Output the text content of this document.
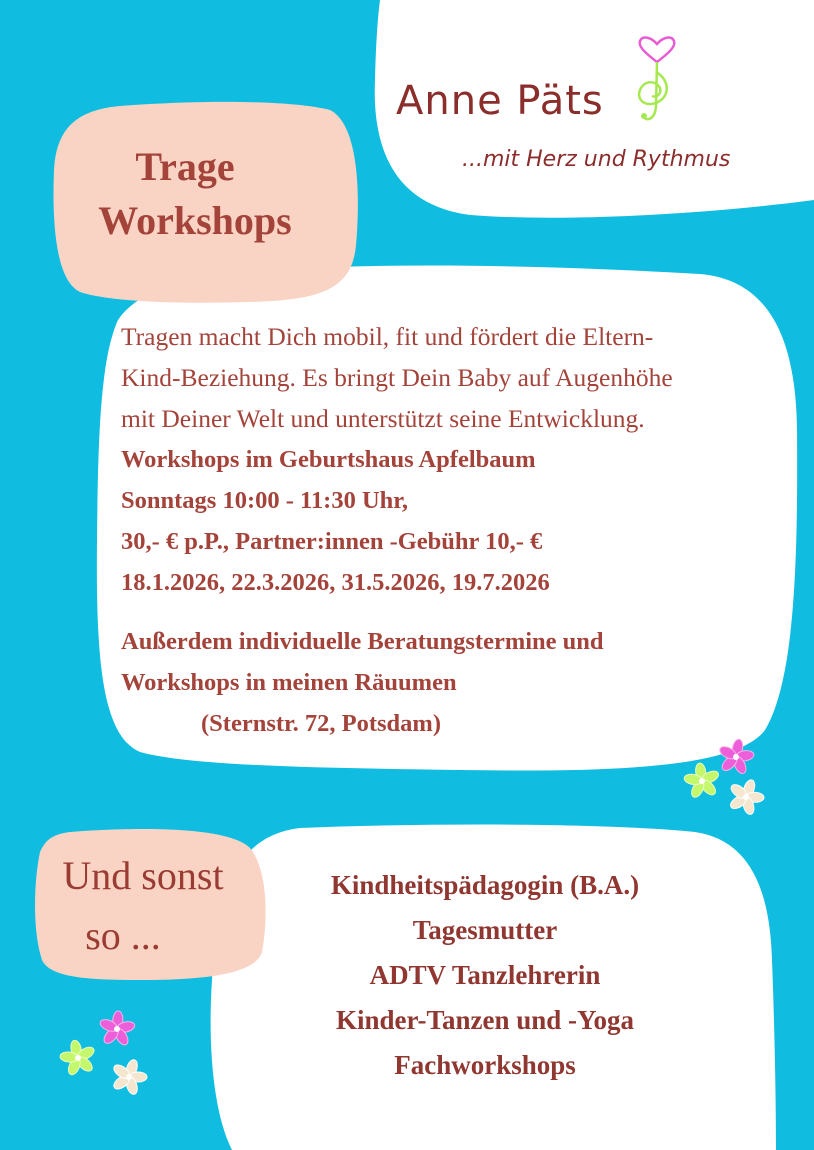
Anne Päts
...mit Herz und Rythmus
Trage
Workshops
Tragen macht Dich mobil, fit und fördert die Eltern-
Kind-Beziehung. Es bringt Dein Baby auf Augenhöhe
mit Deiner Welt und unterstützt seine Entwicklung.
Workshops im Geburtshaus Apfelbaum
Sonntags 10:00 - 11:30 Uhr,
30,- € p.P., Partner:innen -Gebühr 10,- €
18.1.2026, 22.3.2026, 31.5.2026, 19.7.2026
Außerdem individuelle Beratungstermine und
Workshops in meinen Räuumen
(Sternstr. 72, Potsdam)
Und sonst
so ...
Kindheitspädagogin (B.A.)
Tagesmutter
ADTV Tanzlehrerin
Kinder-Tanzen und -Yoga
Fachworkshops
